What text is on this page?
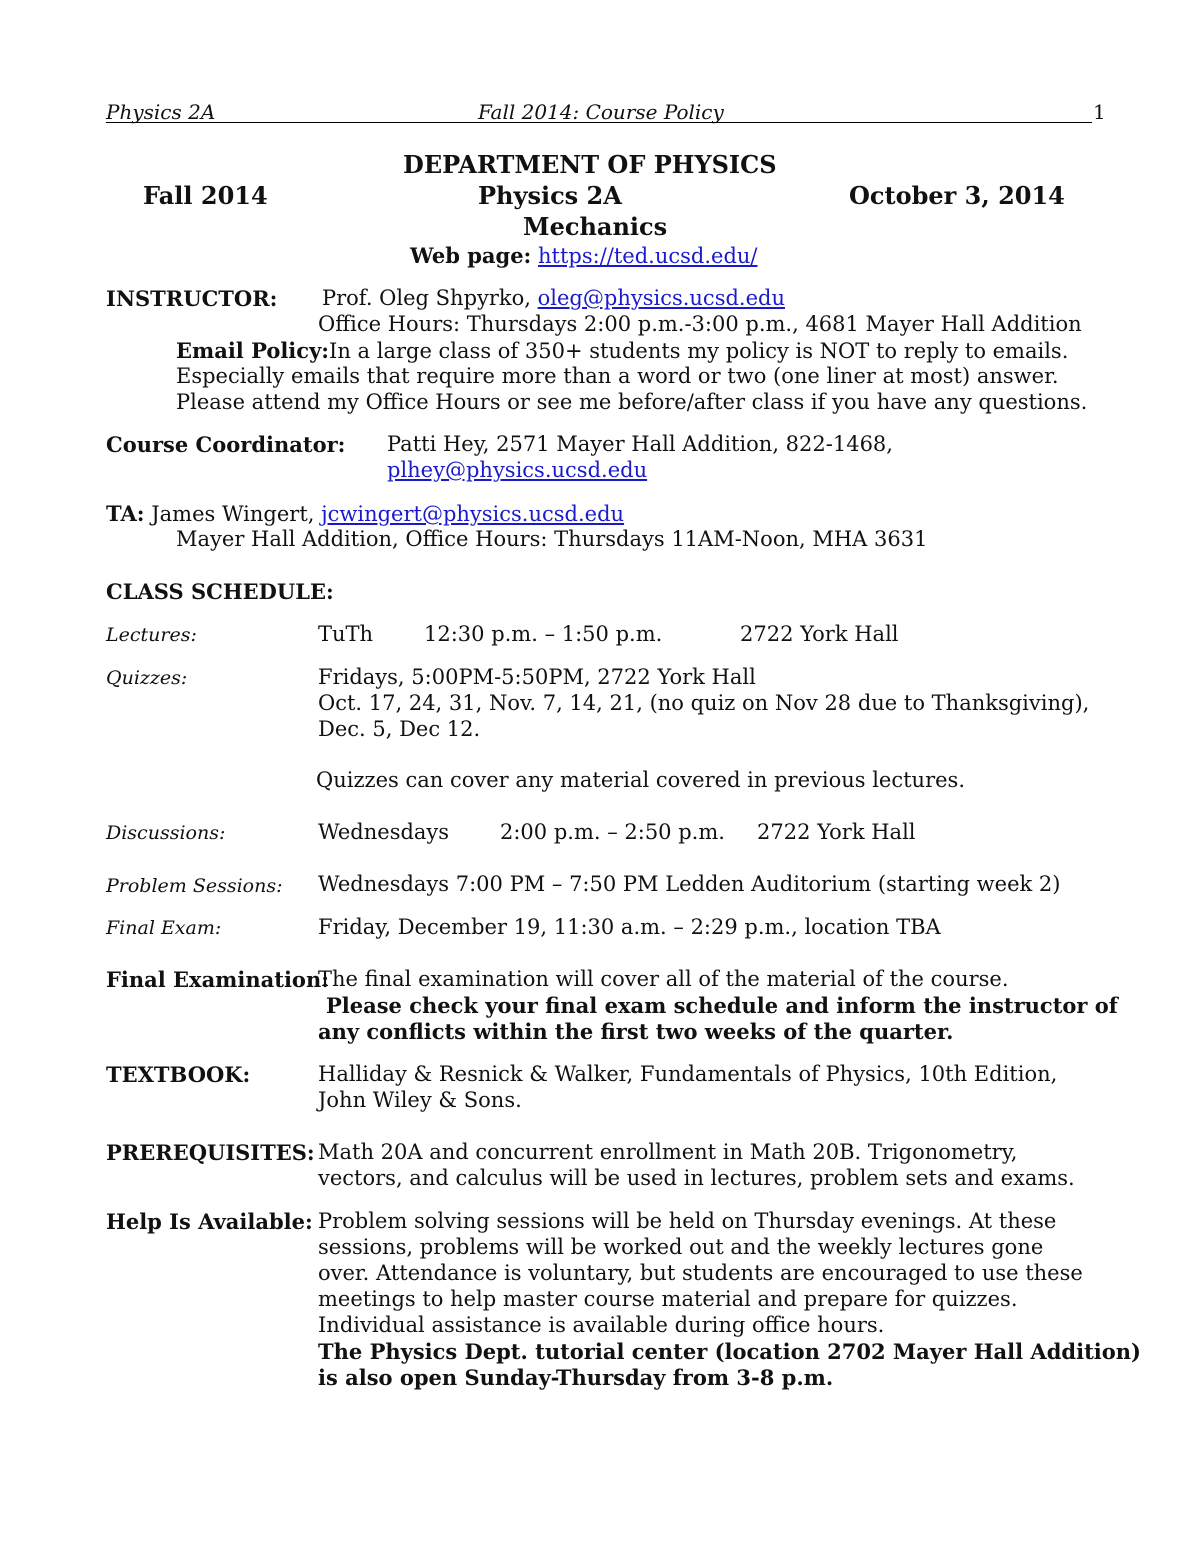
Physics 2A	Fall 2014: Course Policy	1
DEPARTMENT OF PHYSICS
Fall 2014	Physics 2A	October 3, 2014
Mechanics
Web page: https://ted.ucsd.edu/
INSTRUCTOR: Prof. Oleg Shpyrko, oleg@physics.ucsd.edu
Office Hours: Thursdays 2:00 p.m.-3:00 p.m., 4681 Mayer Hall Addition
Email Policy:In a large class of 350+ students my policy is NOT to reply to emails.
Especially emails that require more than a word or two (one liner at most) answer.
Please attend my Office Hours or see me before/after class if you have any questions.
Course Coordinator: Patti Hey, 2571 Mayer Hall Addition, 822-1468,
plhey@physics.ucsd.edu
TA: James Wingert, jcwingert@physics.ucsd.edu
Mayer Hall Addition, Office Hours: Thursdays 11AM-Noon, MHA 3631
CLASS SCHEDULE:
Lectures:	TuTh 12:30 p.m. – 1:50 p.m.	2722 York Hall
Quizzes:	Fridays, 5:00PM-5:50PM, 2722 York Hall
Oct. 17, 24, 31, Nov. 7, 14, 21, (no quiz on Nov 28 due to Thanksgiving),
Dec. 5, Dec 12.
Quizzes can cover any material covered in previous lectures.
Discussions:	Wednesdays 2:00 p.m. – 2:50 p.m. 2722 York Hall
Problem Sessions: Wednesdays 7:00 PM – 7:50 PM Ledden Auditorium (starting week 2)
Final Exam:	Friday, December 19, 11:30 a.m. – 2:29 p.m., location TBA
Final Examination:
The final examination will cover all of the material of the course.
Please check your final exam schedule and inform the instructor of
any conflicts within the first two weeks of the quarter.
TEXTBOOK:	Halliday & Resnick & Walker, Fundamentals of Physics, 10th Edition,
John Wiley & Sons.
PREREQUISITES: Math 20A and concurrent enrollment in Math 20B. Trigonometry,
vectors, and calculus will be used in lectures, problem sets and exams.
Help Is Available: Problem solving sessions will be held on Thursday evenings. At these
sessions, problems will be worked out and the weekly lectures gone
over. Attendance is voluntary, but students are encouraged to use these
meetings to help master course material and prepare for quizzes.
Individual assistance is available during office hours.
The Physics Dept. tutorial center (location 2702 Mayer Hall Addition)
is also open Sunday-Thursday from 3-8 p.m.
